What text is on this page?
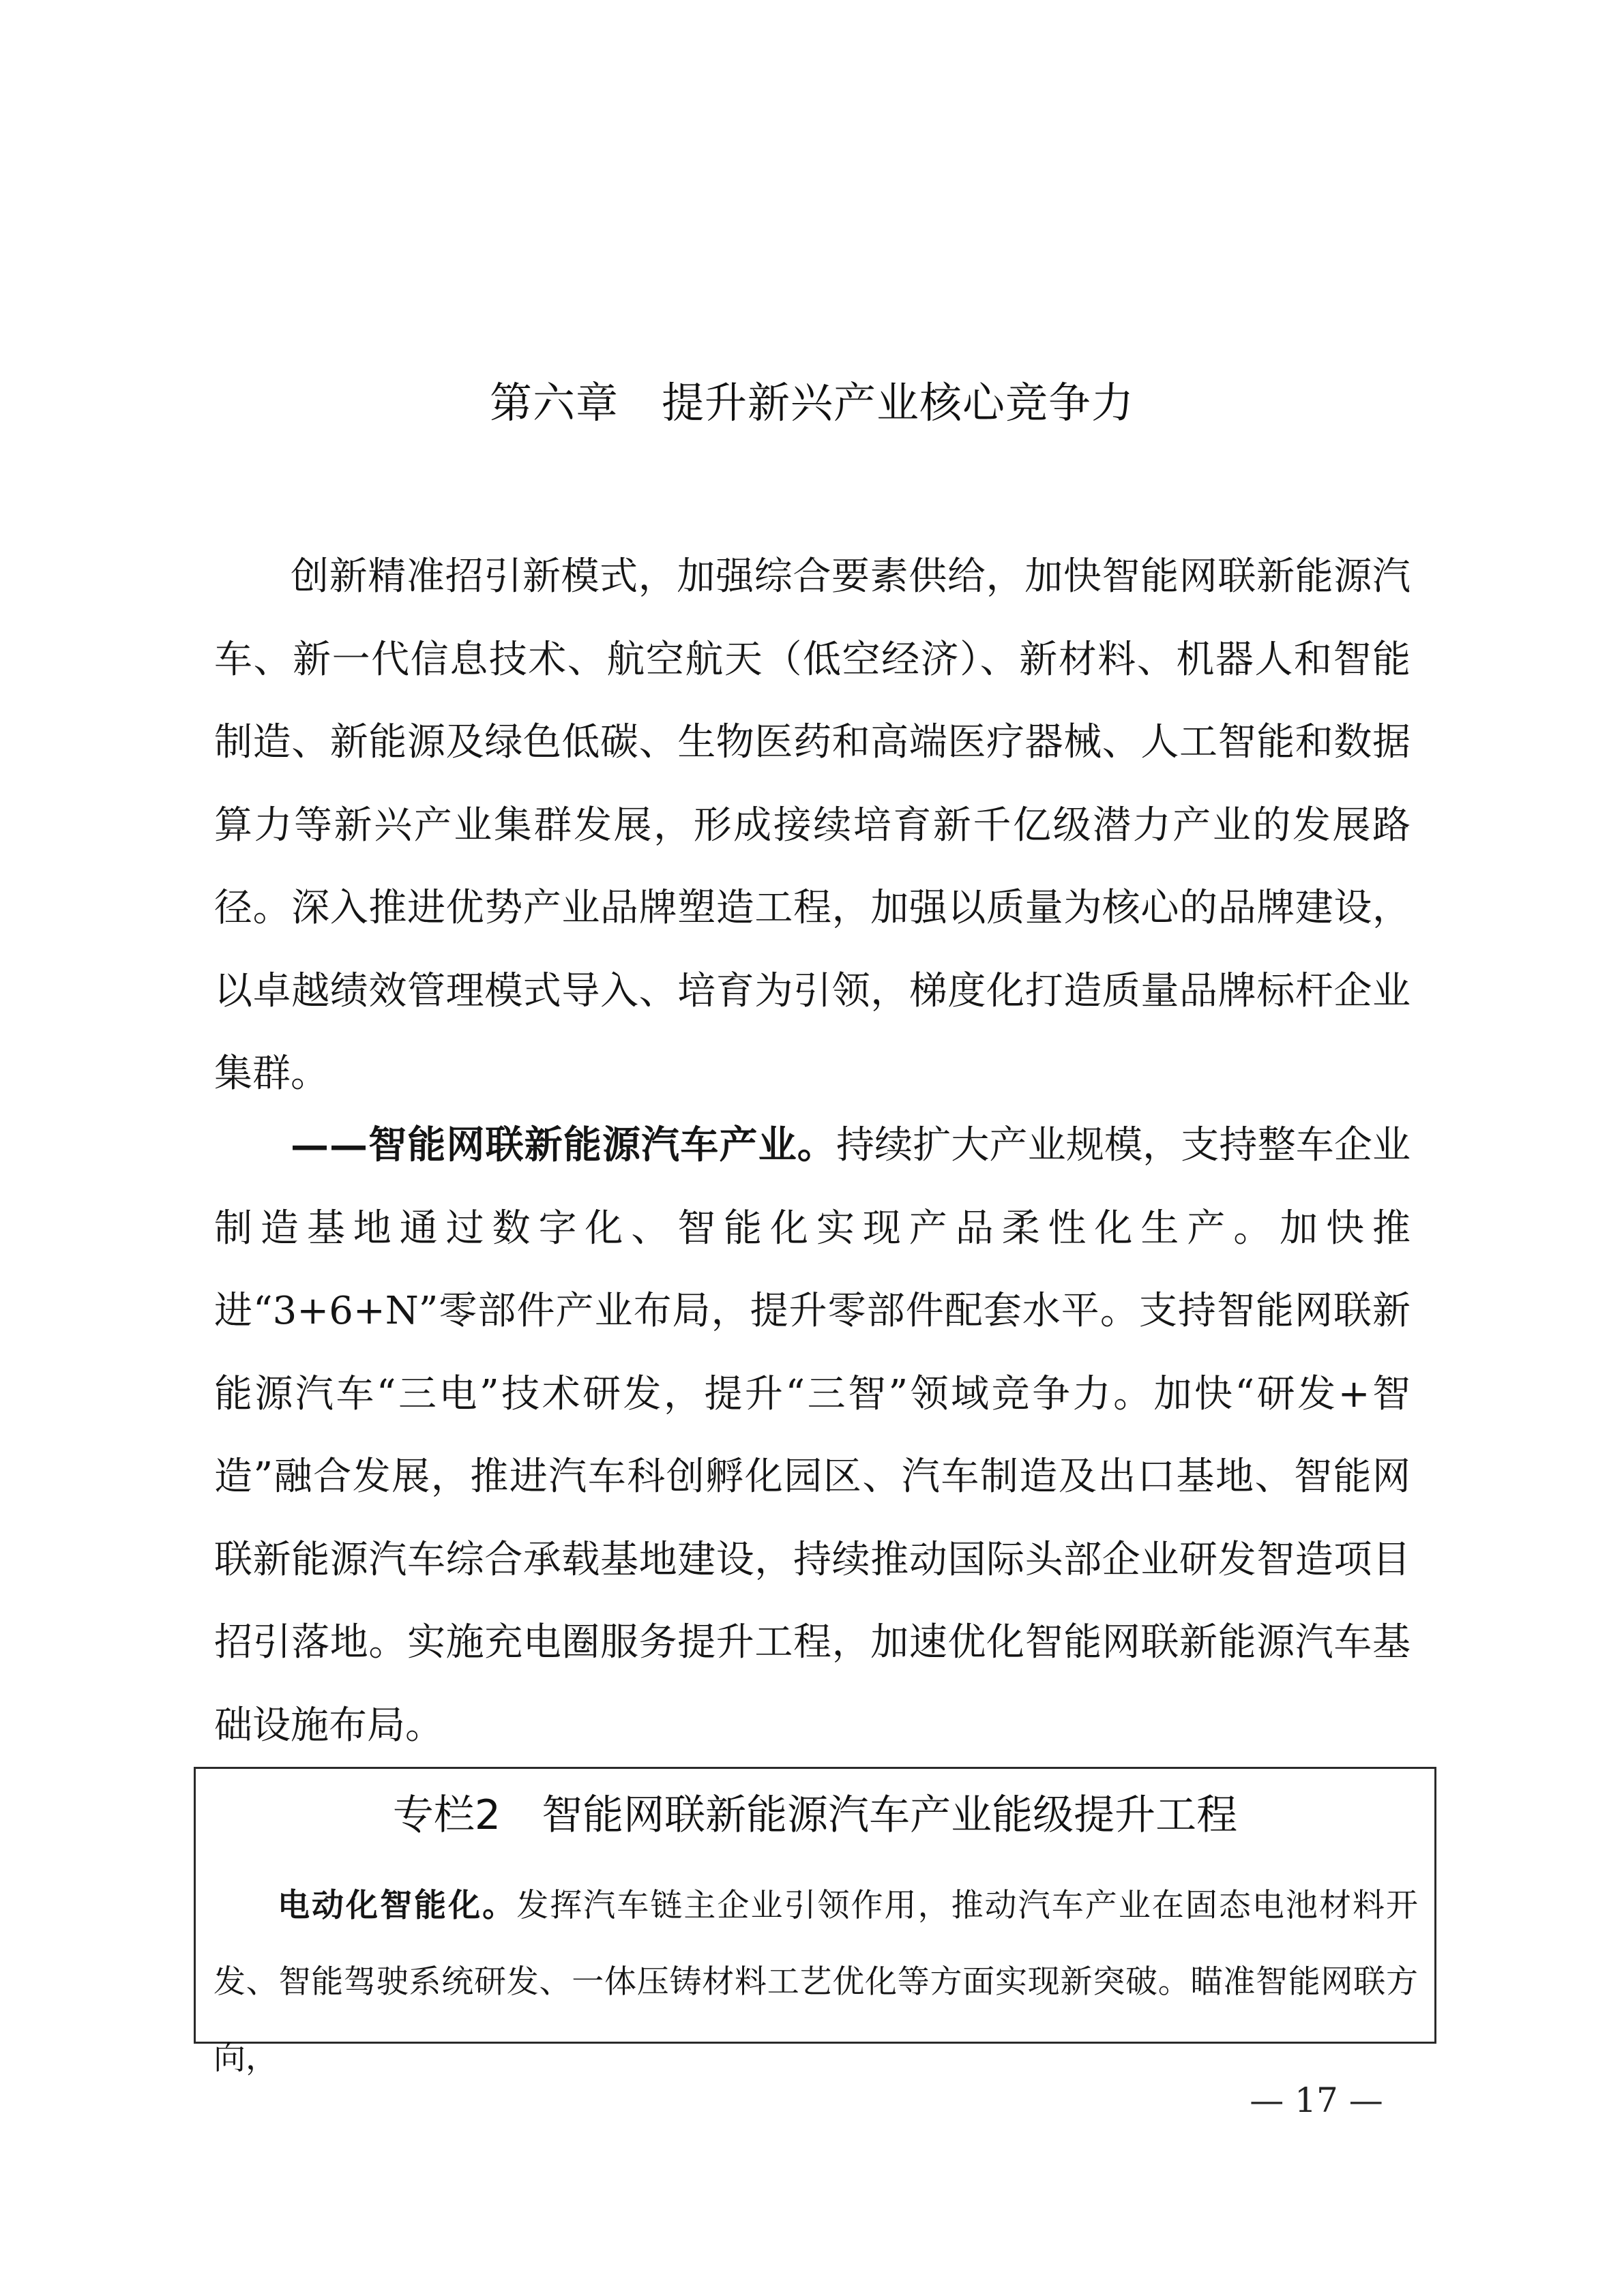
第六章　提升新兴产业核心竞争力

创新精准招引新模式，加强综合要素供给，加快智能网联新能源汽车、新一代信息技术、航空航天（低空经济）、新材料、机器人和智能制造、新能源及绿色低碳、生物医药和高端医疗器械、人工智能和数据算力等新兴产业集群发展，形成接续培育新千亿级潜力产业的发展路径。深入推进优势产业品牌塑造工程，加强以质量为核心的品牌建设，以卓越绩效管理模式导入、培育为引领，梯度化打造质量品牌标杆企业集群。

——智能网联新能源汽车产业。持续扩大产业规模，支持整车企业制造基地通过数字化、智能化实现产品柔性化生产。加快推进“3+6+N”零部件产业布局，提升零部件配套水平。支持智能网联新能源汽车“三电”技术研发，提升“三智”领域竞争力。加快“研发+智造”融合发展，推进汽车科创孵化园区、汽车制造及出口基地、智能网联新能源汽车综合承载基地建设，持续推动国际头部企业研发智造项目招引落地。实施充电圈服务提升工程，加速优化智能网联新能源汽车基础设施布局。

专栏2　智能网联新能源汽车产业能级提升工程

电动化智能化。发挥汽车链主企业引领作用，推动汽车产业在固态电池材料开发、智能驾驶系统研发、一体压铸材料工艺优化等方面实现新突破。瞄准智能网联方向，

— 17 —
